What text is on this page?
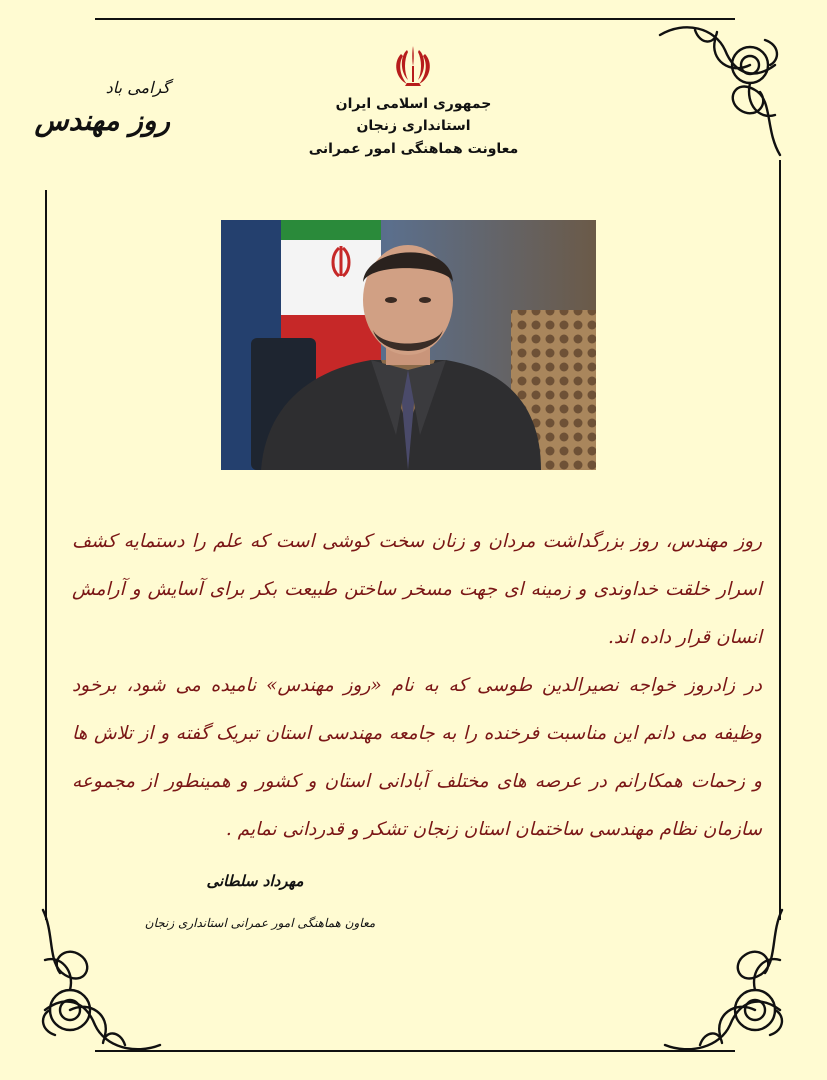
جمهوری اسلامی ایران
استانداری زنجان
معاونت هماهنگی امور عمرانی
گرامی باد
روز مهندس

روز مهندس، روز بزرگداشت مردان و زنان سخت کوشی است که علم را دستمایه کشف اسرار خلقت خداوندی و زمینه ای جهت مسخر ساختن طبیعت بکر برای آسایش و آرامش انسان قرار داده اند.

در زادروز خواجه نصیرالدین طوسی که به نام «روز مهندس» نامیده می شود، برخود وظیفه می دانم این مناسبت فرخنده را به جامعه مهندسی استان تبریک گفته و از تلاش ها و زحمات همکارانم در عرصه های مختلف آبادانی استان و کشور و همینطور از مجموعه سازمان نظام مهندسی ساختمان استان زنجان تشکر و قدردانی نمایم .

مهرداد سلطانی
معاون هماهنگی امور عمرانی استانداری زنجان
